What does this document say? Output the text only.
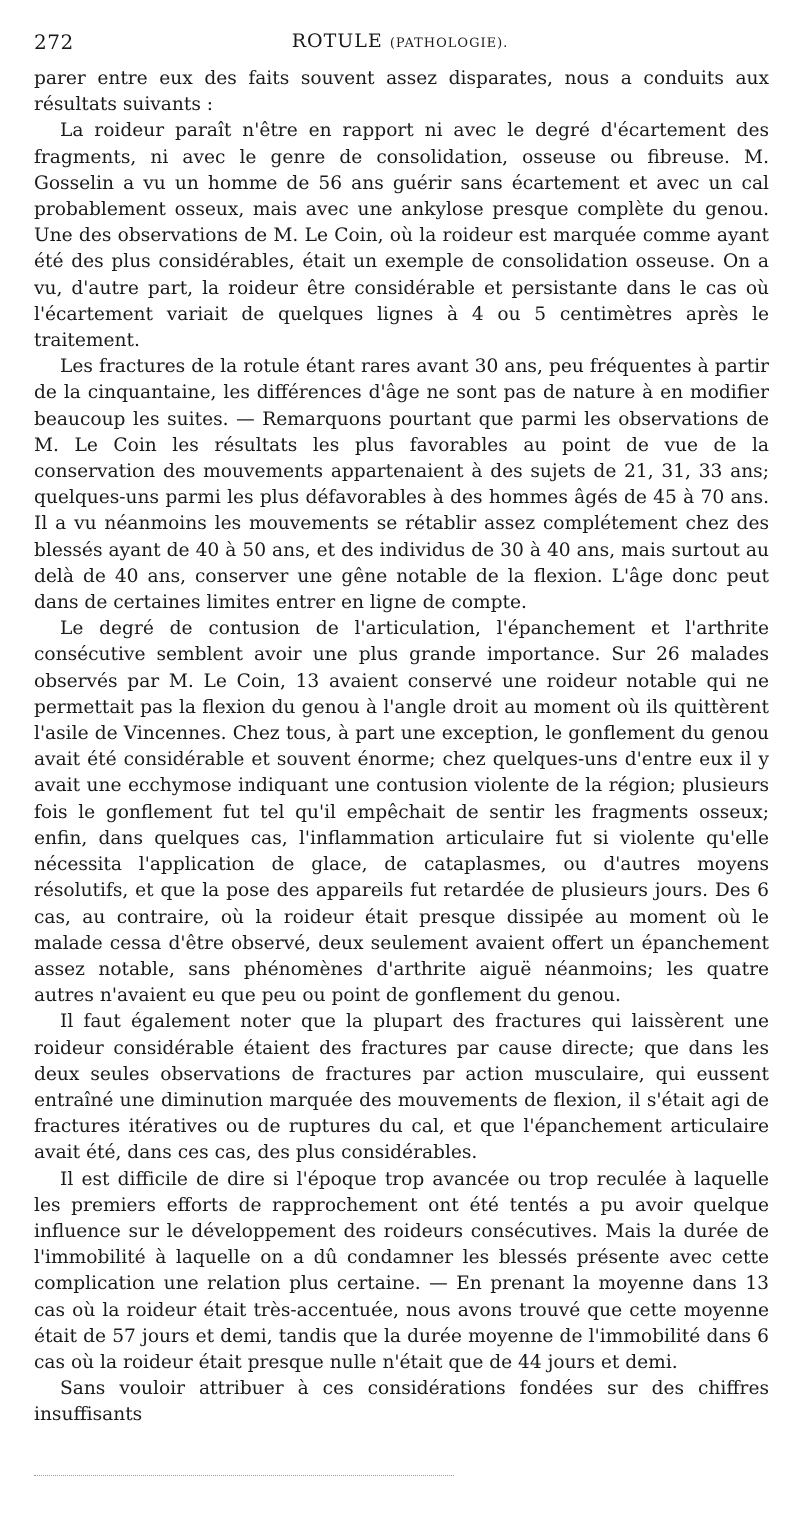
272	ROTULE (PATHOLOGIE).

parer entre eux des faits souvent assez disparates, nous a conduits aux résultats suivants :

La roideur paraît n'être en rapport ni avec le degré d'écartement des fragments, ni avec le genre de consolidation, osseuse ou fibreuse. M. Gosselin a vu un homme de 56 ans guérir sans écartement et avec un cal probablement osseux, mais avec une ankylose presque complète du genou. Une des observations de M. Le Coin, où la roideur est marquée comme ayant été des plus considérables, était un exemple de consolidation osseuse. On a vu, d'autre part, la roideur être considérable et persistante dans le cas où l'écartement variait de quelques lignes à 4 ou 5 centimètres après le traitement.

Les fractures de la rotule étant rares avant 30 ans, peu fréquentes à partir de la cinquantaine, les différences d'âge ne sont pas de nature à en modifier beaucoup les suites. — Remarquons pourtant que parmi les observations de M. Le Coin les résultats les plus favorables au point de vue de la conservation des mouvements appartenaient à des sujets de 21, 31, 33 ans; quelques-uns parmi les plus défavorables à des hommes âgés de 45 à 70 ans. Il a vu néanmoins les mouvements se rétablir assez complétement chez des blessés ayant de 40 à 50 ans, et des individus de 30 à 40 ans, mais surtout au delà de 40 ans, conserver une gêne notable de la flexion. L'âge donc peut dans de certaines limites entrer en ligne de compte.

Le degré de contusion de l'articulation, l'épanchement et l'arthrite consécutive semblent avoir une plus grande importance. Sur 26 malades observés par M. Le Coin, 13 avaient conservé une roideur notable qui ne permettait pas la flexion du genou à l'angle droit au moment où ils quittèrent l'asile de Vincennes. Chez tous, à part une exception, le gonflement du genou avait été considérable et souvent énorme; chez quelques-uns d'entre eux il y avait une ecchymose indiquant une contusion violente de la région; plusieurs fois le gonflement fut tel qu'il empêchait de sentir les fragments osseux; enfin, dans quelques cas, l'inflammation articulaire fut si violente qu'elle nécessita l'application de glace, de cataplasmes, ou d'autres moyens résolutifs, et que la pose des appareils fut retardée de plusieurs jours. Des 6 cas, au contraire, où la roideur était presque dissipée au moment où le malade cessa d'être observé, deux seulement avaient offert un épanchement assez notable, sans phénomènes d'arthrite aiguë néanmoins; les quatre autres n'avaient eu que peu ou point de gonflement du genou.

Il faut également noter que la plupart des fractures qui laissèrent une roideur considérable étaient des fractures par cause directe; que dans les deux seules observations de fractures par action musculaire, qui eussent entraîné une diminution marquée des mouvements de flexion, il s'était agi de fractures itératives ou de ruptures du cal, et que l'épanchement articulaire avait été, dans ces cas, des plus considérables.

Il est difficile de dire si l'époque trop avancée ou trop reculée à laquelle les premiers efforts de rapprochement ont été tentés a pu avoir quelque influence sur le développement des roideurs consécutives. Mais la durée de l'immobilité à laquelle on a dû condamner les blessés présente avec cette complication une relation plus certaine. — En prenant la moyenne dans 13 cas où la roideur était très-accentuée, nous avons trouvé que cette moyenne était de 57 jours et demi, tandis que la durée moyenne de l'immobilité dans 6 cas où la roideur était presque nulle n'était que de 44 jours et demi.

Sans vouloir attribuer à ces considérations fondées sur des chiffres insuffisants
